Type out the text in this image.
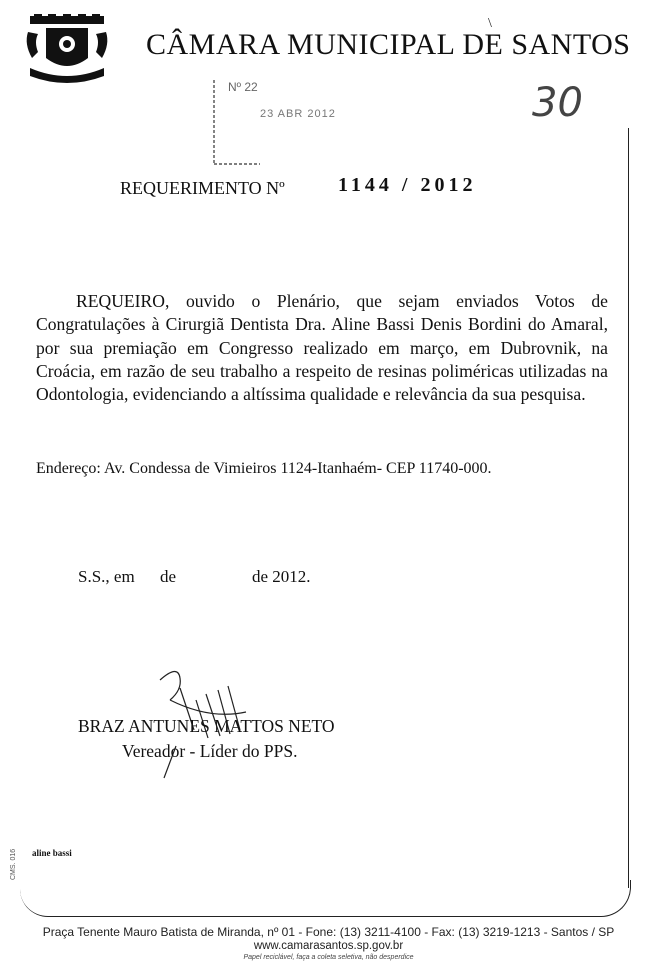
\
CÂMARA MUNICIPAL DE SANTOS
Nº 22
23 ABR 2012	30
REQUERIMENTO Nº	1144 / 2012
REQUEIRO, ouvido o Plenário, que sejam enviados Votos de Congratulações à Cirurgiã Dentista Dra. Aline Bassi Denis Bordini do Amaral, por sua premiação em Congresso realizado em março, em Dubrovnik, na Croácia, em razão de seu trabalho a respeito de resinas poliméricas utilizadas na Odontologia, evidenciando a altíssima qualidade e relevância da sua pesquisa.
Endereço: Av. Condessa de Vimieiros 1124-Itanhaém- CEP 11740-000.
S.S., em de	de 2012.
BRAZ ANTUNES MATTOS NETO
Vereador - Líder do PPS.
aline bassi
CMS. 016
Praça Tenente Mauro Batista de Miranda, nº 01 - Fone: (13) 3211-4100 - Fax: (13) 3219-1213 - Santos / SP
www.camarasantos.sp.gov.br
Papel reciclável, faça a coleta seletiva, não desperdice
